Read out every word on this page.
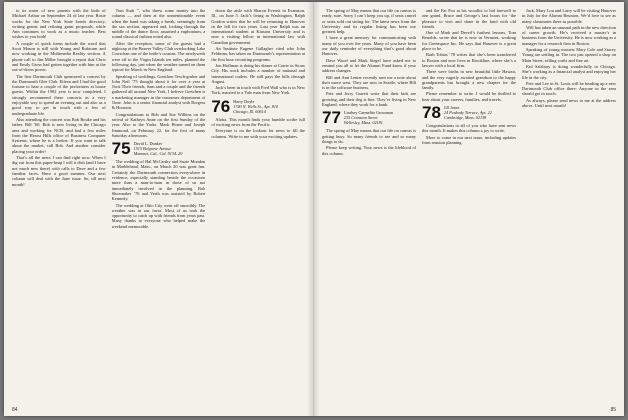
to its roster of new parents with the birth of Michael Arthur on September 24 of last year. Rosie works for the New York State bonds directory, writing grants and refining grant proposals, while Ann continues to work as a music teacher. Best wishes to you both!

A couple of quick items include the word that Scott Mason is still with Young and Rubicam and now working in the Multimedia Reality section. A phone call to Jim Miller brought a report that Chris and Emily Gross had gotten together with him at the out-of-doors picnic.

The first Dartmouth Club sponsored a concert by the Dartmouth Glee Club. Eileen and I had the good fortune to hear a couple of the performers at house guests. Within the 1982 year is now completed. I strongly recommend these concerts as a very enjoyable way to spend an evening out and also as a good way to get in touch with a few of undergraduate life.

Also attending the concert was Bob Rouke and his father. Bill ’60. Bob is now living in the Chicago area and working for NCR, and had a few miles from the Hearst Hills office of Business Computer Systems, where he is a broker. If you want to talk about the market, call Bob. And another consider placing your order!

That’s all the news I can find right now. When I dig out from this paper-heap I will it dish (and I have not much new there) with calls to Dave and a few familiar faces. Have a good summer. Our next column will deal with the June issue. So, till next month!

Tom Stub ’’, who threw some money into the column — and then at the unmentionable event when the band was taking a break, seemingly from the sax section, appeared and, looking through the middle of the dance floor, assumed a euphonium, a sound classical fashion noted also.

After the reception, some of the guests had a nightcap at the Beaver Valley Club overlooking Lake Cowichan one of the bride’s cousins. The newlyweds were off to the Virgin Islands ten miles, planned the following day, just when the weather turned on them typical for March in New England.

Speaking of weddings, Gretchen Tesch-gruber and John Neil ’75 thought about it for over a year at Tuck Their friends, Sam and a couple and the friends gathered all around New York. I believe Gretchen is a marketing manager in the consumer department of Time. John is a senior financial analyst with Borgess & Houston.

Congratulations to Bob and Sue Wilkins on the arrival of Kathryn Anne on the first Sunday of the year. Also to the Yorks. Mark Horen and Joseph Jimmond, on February 22, for the first of many Saturday afternoons.

75 David L. Dunker
1515 Belgrave Avenue
Mommet, Cal., Cal. 9134–20

The wedding of Hal McCarthy and Suzie Mondon in Marblehead, Mass., on March 20 was great fun. Certainly the Dartmouth connection everywhere in evidence, especially standing beside the occasions more than a man-to-man in those of us not immediately involved in the planning. Bob Shoemaker ’76 and Verth was assisted by Robert Kennedy.

The wedding at Ohio City went off smoothly. The weather was in our favor. Most of us took the opportunity to catch up with friends from years past. Many thanks to everyone who helped make the weekend memorable.

down the aisle with Sharon Everett in Evanston, Ill., on June 5. Jack’s living in Washington, Ralph Gordon writes that he will be returning to Hanover in the fall for two years. Last year Ralph was an international student at Kinston University and is now a visiting fellow in international law with Canadian government.

An Institute Eugene Gallagher cited who John Feldman, has taken on Dartmouth’s representation at the first hour recruiting programs.

Jon Hoffman is doing his dinner at Carrie in Sioux City. His work includes a number of national and international outlets. He still pays the bills through August.

Jack’s been in touch with Fred Wall who is in New York, married to a Yale man from New York.

76 Harry Doyle
1740 N. Wells St., Apt. 810
Chicago, Ill. 60614

Aloha. This month finds your humble scribe full of exciting news from the Pacific.

Everyone is on the lookout for news to fill the columns. Write to me with your exciting updates.

84

The spring of May means that our life on canvas is ready, sure. Sorry I can’t keep you up, if seats cancel or seats sold out sitting for. The latest news from the University and its regular listing has been our greatest help.

I have a great memory for communicating with many of you over the years. Many of you have been our daily reminder of everything that’s good about Hanover.

Dave Wood and Mark Siegel have asked me to remind you all to let the Alumni Fund know if your address changes.

Bill and Ann Lenter recently sent me a note about their move west. They are now in Seattle, where Bill is in the software business.

Pete and Jerry Garrett write that their kids are growing, and their dog is fine. They’re living in New England, where they work for a bank.

77 Lindsey Carmelita Grossman
235 Cranston Street
Wellesley, Mass. 02181

The spring of May means that our life on canvas is getting busy. So many friends to see and so many things to do.

Please keep writing. Your news is the lifeblood of this column.

and the Fat Fox at his woodlot to bid farewell to one grand, Bruce and George’s last hours for ‘the pleasure to visit and share in the kind with old friends.

One of Mark and Deevil’s furthest lessons, Tom Renolds, wrote that he is now in Vermont, working for Greenspace Inc. He says that Hanover is a great place to be.

Barb Tobias ’78 writes that she’s been transferred to Boston and now lives in Brookline, where she’s a lawyer with a local firm.

There were births in new beautiful little Hawaii, and the very eagerly awaited grandson to the happy grandparents has brought a new chapter for the family.

Please remember to write. I would be thrilled to hear about your careers, families, and travels.

78 Jill Jones
24 Peabody Terrace, Apt. 22
Cambridge, Mass. 02138

Congratulations to all of you who have sent news this month. It makes this column a joy to write.

More to come in our next issue, including updates from reunion planning.

Jack, Mary Lou and Larry will be visiting Hanover in July for the Alumni Reunion. We’d love to see as many classmates there as possible.

Will has taken an unusual path in the new direction of career growth. He’s received a master’s in business from the University. He is now working as a manager for a research firm in Boston.

Speaking of young women: Mary Cole and Stacey Young are settling in. The two just opened a shop on Main Street, selling crafts and fine art.

Kid Salsbury is doing wonderfully in Chicago. She’s working as a financial analyst and enjoying her life in the city.

Pete and Lee in St. Louis will be heading up a new Dartmouth Club office there. Anyone in the area should get in touch.

As always, please send news to me at the address above. Until next month!

85
